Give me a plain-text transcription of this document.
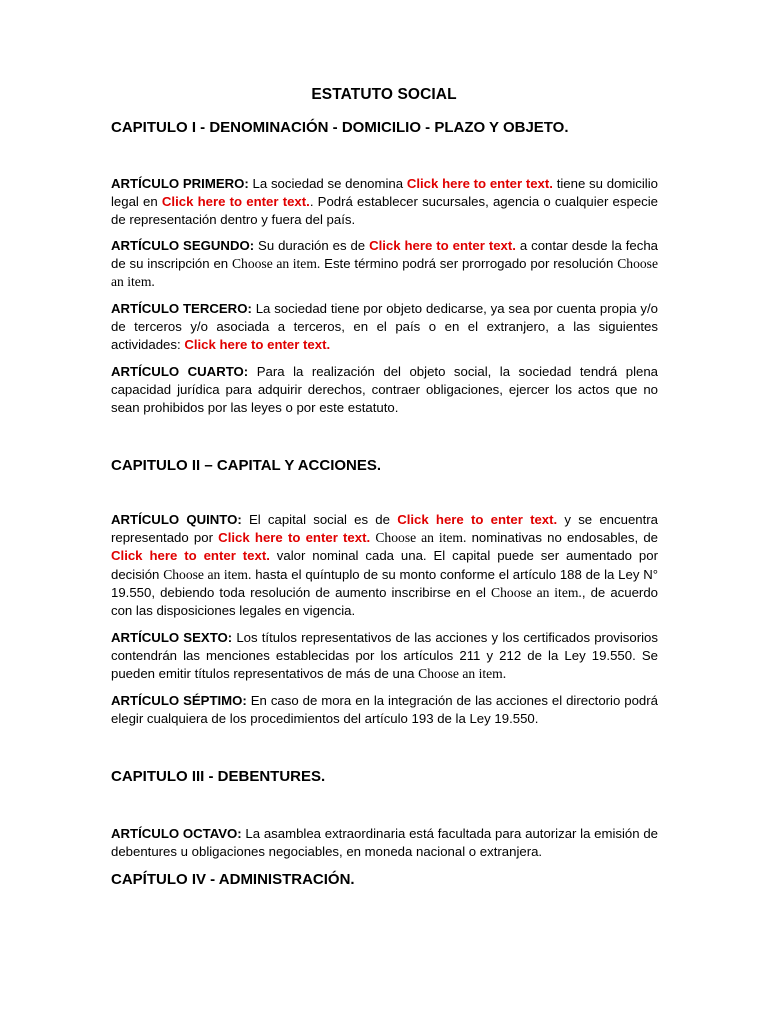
ESTATUTO SOCIAL
CAPITULO I - DENOMINACIÓN - DOMICILIO - PLAZO Y OBJETO.

ARTÍCULO PRIMERO: La sociedad se denomina Click here to enter text. tiene su domicilio legal en Click here to enter text.. Podrá establecer sucursales, agencia o cualquier especie de representación dentro y fuera del país.

ARTÍCULO SEGUNDO: Su duración es de Click here to enter text. a contar desde la fecha de su inscripción en Choose an item. Este término podrá ser prorrogado por resolución Choose an item.

ARTÍCULO TERCERO: La sociedad tiene por objeto dedicarse, ya sea por cuenta propia y/o de terceros y/o asociada a terceros, en el país o en el extranjero, a las siguientes actividades: Click here to enter text.

ARTÍCULO CUARTO: Para la realización del objeto social, la sociedad tendrá plena capacidad jurídica para adquirir derechos, contraer obligaciones, ejercer los actos que no sean prohibidos por las leyes o por este estatuto.

CAPITULO II – CAPITAL Y ACCIONES.

ARTÍCULO QUINTO: El capital social es de Click here to enter text. y se encuentra representado por Click here to enter text. Choose an item. nominativas no endosables, de Click here to enter text. valor nominal cada una. El capital puede ser aumentado por decisión Choose an item. hasta el quíntuplo de su monto conforme el artículo 188 de la Ley N° 19.550, debiendo toda resolución de aumento inscribirse en el Choose an item., de acuerdo con las disposiciones legales en vigencia.

ARTÍCULO SEXTO: Los títulos representativos de las acciones y los certificados provisorios contendrán las menciones establecidas por los artículos 211 y 212 de la Ley 19.550. Se pueden emitir títulos representativos de más de una Choose an item.

ARTÍCULO SÉPTIMO: En caso de mora en la integración de las acciones el directorio podrá elegir cualquiera de los procedimientos del artículo 193 de la Ley 19.550.

CAPITULO III - DEBENTURES.

ARTÍCULO OCTAVO: La asamblea extraordinaria está facultada para autorizar la emisión de debentures u obligaciones negociables, en moneda nacional o extranjera.

CAPÍTULO IV - ADMINISTRACIÓN.
